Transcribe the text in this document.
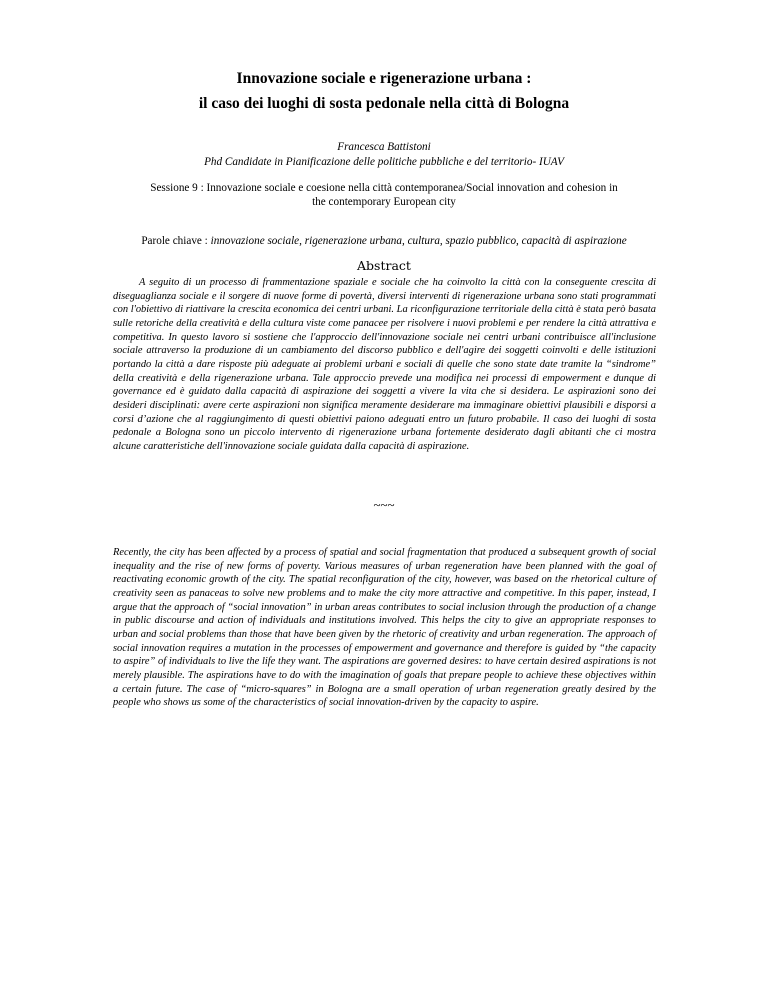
Innovazione sociale e rigenerazione urbana :
il caso dei luoghi di sosta pedonale nella città di Bologna
Francesca Battistoni
Phd Candidate in Pianificazione delle politiche pubbliche e del territorio- IUAV
Sessione 9 : Innovazione sociale e coesione nella città contemporanea/Social innovation and cohesion in the contemporary European city
Parole chiave : innovazione sociale, rigenerazione urbana, cultura, spazio pubblico, capacità di aspirazione
Abstract

A seguito di un processo di frammentazione spaziale e sociale che ha coinvolto la città con la conseguente crescita di diseguaglianza sociale e il sorgere di nuove forme di povertà, diversi interventi di rigenerazione urbana sono stati programmati con l'obiettivo di riattivare la crescita economica dei centri urbani. La riconfigurazione territoriale della città è stata però basata sulle retoriche della creatività e della cultura viste come panacee per risolvere i nuovi problemi e per rendere la città attrattiva e competitiva. In questo lavoro si sostiene che l'approccio dell'innovazione sociale nei centri urbani contribuisce all'inclusione sociale attraverso la produzione di un cambiamento del discorso pubblico e dell'agire dei soggetti coinvolti e delle istituzioni portando la città a dare risposte più adeguate ai problemi urbani e sociali di quelle che sono state date tramite la “sindrome” della creatività e della rigenerazione urbana. Tale approccio prevede una modifica nei processi di empowerment e dunque di governance ed è guidato dalla capacità di aspirazione dei soggetti a vivere la vita che si desidera. Le aspirazioni sono dei desideri disciplinati: avere certe aspirazioni non significa meramente desiderare ma immaginare obiettivi plausibili e disporsi a corsi d’azione che al raggiungimento di questi obiettivi paiono adeguati entro un futuro probabile. Il caso dei luoghi di sosta pedonale a Bologna sono un piccolo intervento di rigenerazione urbana fortemente desiderato dagli abitanti che ci mostra alcune caratteristiche dell'innovazione sociale guidata dalla capacità di aspirazione.

~~~

Recently, the city has been affected by a process of spatial and social fragmentation that produced a subsequent growth of social inequality and the rise of new forms of poverty. Various measures of urban regeneration have been planned with the goal of reactivating economic growth of the city. The spatial reconfiguration of the city, however, was based on the rhetorical culture of creativity seen as panaceas to solve new problems and to make the city more attractive and competitive. In this paper, instead, I argue that the approach of “social innovation” in urban areas contributes to social inclusion through the production of a change in public discourse and action of individuals and institutions involved. This helps the city to give an appropriate responses to urban and social problems than those that have been given by the rhetoric of creativity and urban regeneration. The approach of social innovation requires a mutation in the processes of empowerment and governance and therefore is guided by “the capacity to aspire” of individuals to live the life they want. The aspirations are governed desires: to have certain desired aspirations is not merely plausible. The aspirations have to do with the imagination of goals that prepare people to achieve these objectives within a certain future. The case of “micro-squares” in Bologna are a small operation of urban regeneration greatly desired by the people who shows us some of the characteristics of social innovation-driven by the capacity to aspire.
